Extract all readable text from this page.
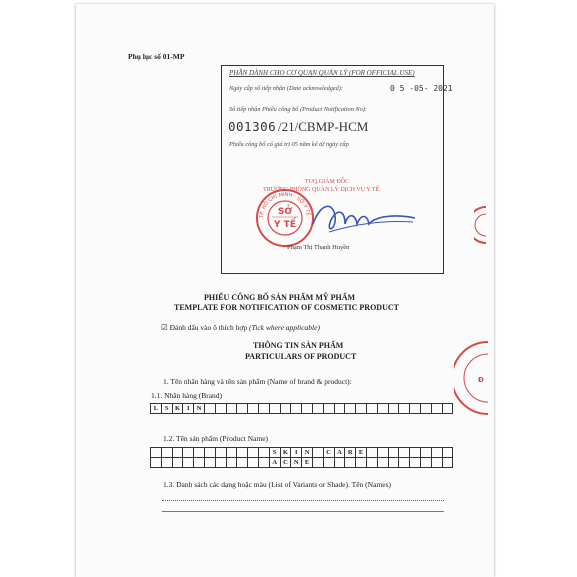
Phụ lục số 01-MP
PHẦN DÀNH CHO CƠ QUAN QUẢN LÝ (FOR OFFICIAL USE)
Ngày cấp số tiếp nhận (Date acknowledged):	0 5 -05- 2021
Số tiếp nhận Phiếu công bố (Product Notification No):
001306 /21/CBMP-HCM
Phiếu công bố có giá trị 05 năm kể từ ngày cấp
TUQ.GIÁM ĐỐC
TRƯỞNG PHÒNG QUẢN LÝ DỊCH VỤ Y TẾ
TP. HỒ CHÍ MINH · SỞ Y TẾ ·
SỞ
Y TẾ
Phạm Thị Thanh Huyền
Đ
PHIẾU CÔNG BỐ SẢN PHẨM MỸ PHẨM
TEMPLATE FOR NOTIFICATION OF COSMETIC PRODUCT
☑ Đánh dấu vào ô thích hợp (Tick where applicable)
THÔNG TIN SẢN PHẨM
PARTICULARS OF PRODUCT
1. Tên nhãn hàng và tên sản phẩm (Name of brand & product):
1.1. Nhãn hàng (Brand)
L	S	K	I	N																							
1.2. Tên sản phẩm (Product Name)
											S	K	I	N		C	A	R	E								
											A	C	N	E													
1.3. Danh sách các dạng hoặc màu (List of Variants or Shade). Tên (Names)
